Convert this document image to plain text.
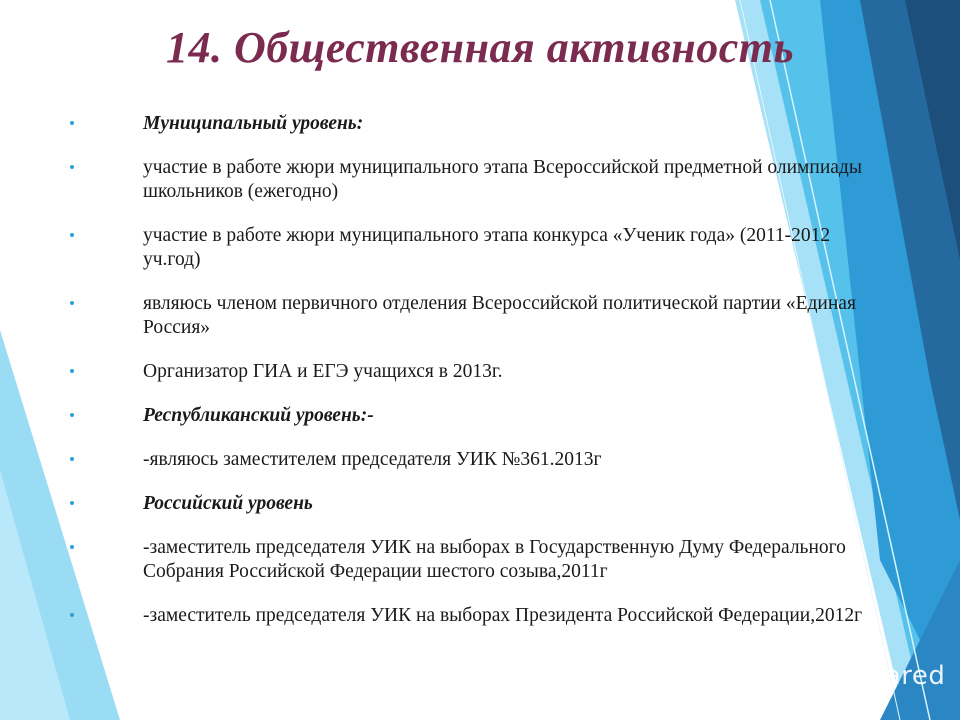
14. Общественная активность
Муниципальный уровень:
участие в работе жюри муниципального этапа Всероссийской предметной олимпиады школьников (ежегодно)
участие в работе жюри муниципального этапа конкурса «Ученик года» (2011-2012 уч.год)
являюсь членом первичного отделения Всероссийской политической партии «Единая Россия»
Организатор ГИА и ЕГЭ учащихся в 2013г.
Республиканский уровень:-
-являюсь заместителем председателя УИК №361.2013г
Российский уровень
-заместитель председателя УИК на выборах в Государственную Думу Федерального Собрания Российской Федерации шестого созыва,2011г
-заместитель председателя УИК на выборах Президента Российской Федерации,2012г
MyShared
